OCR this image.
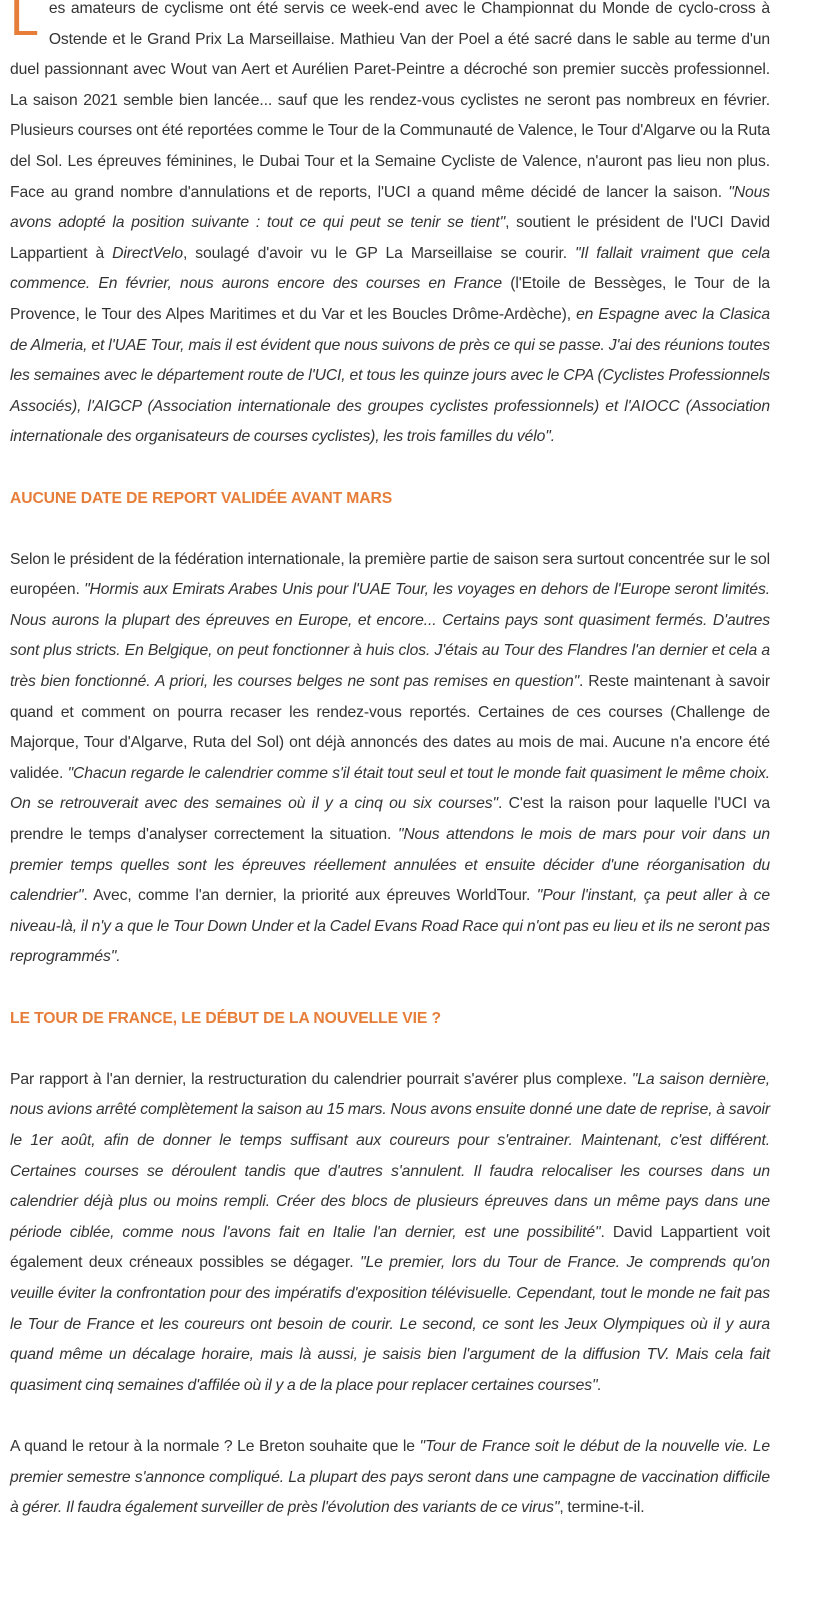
Les amateurs de cyclisme ont été servis ce week-end avec le Championnat du Monde de cyclo-cross à Ostende et le Grand Prix La Marseillaise. Mathieu Van der Poel a été sacré dans le sable au terme d'un duel passionnant avec Wout van Aert et Aurélien Paret-Peintre a décroché son premier succès professionnel. La saison 2021 semble bien lancée... sauf que les rendez-vous cyclistes ne seront pas nombreux en février. Plusieurs courses ont été reportées comme le Tour de la Communauté de Valence, le Tour d'Algarve ou la Ruta del Sol. Les épreuves féminines, le Dubai Tour et la Semaine Cycliste de Valence, n'auront pas lieu non plus. Face au grand nombre d'annulations et de reports, l'UCI a quand même décidé de lancer la saison. "Nous avons adopté la position suivante : tout ce qui peut se tenir se tient", soutient le président de l'UCI David Lappartient à DirectVelo, soulagé d'avoir vu le GP La Marseillaise se courir. "Il fallait vraiment que cela commence. En février, nous aurons encore des courses en France (l'Etoile de Bessèges, le Tour de la Provence, le Tour des Alpes Maritimes et du Var et les Boucles Drôme-Ardèche), en Espagne avec la Clasica de Almeria, et l'UAE Tour, mais il est évident que nous suivons de près ce qui se passe. J'ai des réunions toutes les semaines avec le département route de l'UCI, et tous les quinze jours avec le CPA (Cyclistes Professionnels Associés), l'AIGCP (Association internationale des groupes cyclistes professionnels) et l'AIOCC (Association internationale des organisateurs de courses cyclistes), les trois familles du vélo".

AUCUNE DATE DE REPORT VALIDÉE AVANT MARS

Selon le président de la fédération internationale, la première partie de saison sera surtout concentrée sur le sol européen. "Hormis aux Emirats Arabes Unis pour l'UAE Tour, les voyages en dehors de l'Europe seront limités. Nous aurons la plupart des épreuves en Europe, et encore... Certains pays sont quasiment fermés. D'autres sont plus stricts. En Belgique, on peut fonctionner à huis clos. J'étais au Tour des Flandres l'an dernier et cela a très bien fonctionné. A priori, les courses belges ne sont pas remises en question". Reste maintenant à savoir quand et comment on pourra recaser les rendez-vous reportés. Certaines de ces courses (Challenge de Majorque, Tour d'Algarve, Ruta del Sol) ont déjà annoncés des dates au mois de mai. Aucune n'a encore été validée. "Chacun regarde le calendrier comme s'il était tout seul et tout le monde fait quasiment le même choix. On se retrouverait avec des semaines où il y a cinq ou six courses". C'est la raison pour laquelle l'UCI va prendre le temps d'analyser correctement la situation. "Nous attendons le mois de mars pour voir dans un premier temps quelles sont les épreuves réellement annulées et ensuite décider d'une réorganisation du calendrier". Avec, comme l'an dernier, la priorité aux épreuves WorldTour. "Pour l'instant, ça peut aller à ce niveau-là, il n'y a que le Tour Down Under et la Cadel Evans Road Race qui n'ont pas eu lieu et ils ne seront pas reprogrammés".

LE TOUR DE FRANCE, LE DÉBUT DE LA NOUVELLE VIE ?

Par rapport à l'an dernier, la restructuration du calendrier pourrait s'avérer plus complexe. "La saison dernière, nous avions arrêté complètement la saison au 15 mars. Nous avons ensuite donné une date de reprise, à savoir le 1er août, afin de donner le temps suffisant aux coureurs pour s'entrainer. Maintenant, c'est différent. Certaines courses se déroulent tandis que d'autres s'annulent. Il faudra relocaliser les courses dans un calendrier déjà plus ou moins rempli. Créer des blocs de plusieurs épreuves dans un même pays dans une période ciblée, comme nous l'avons fait en Italie l'an dernier, est une possibilité". David Lappartient voit également deux créneaux possibles se dégager. "Le premier, lors du Tour de France. Je comprends qu'on veuille éviter la confrontation pour des impératifs d'exposition télévisuelle. Cependant, tout le monde ne fait pas le Tour de France et les coureurs ont besoin de courir. Le second, ce sont les Jeux Olympiques où il y aura quand même un décalage horaire, mais là aussi, je saisis bien l'argument de la diffusion TV. Mais cela fait quasiment cinq semaines d'affilée où il y a de la place pour replacer certaines courses".

A quand le retour à la normale ? Le Breton souhaite que le "Tour de France soit le début de la nouvelle vie. Le premier semestre s'annonce compliqué. La plupart des pays seront dans une campagne de vaccination difficile à gérer. Il faudra également surveiller de près l'évolution des variants de ce virus", termine-t-il.
